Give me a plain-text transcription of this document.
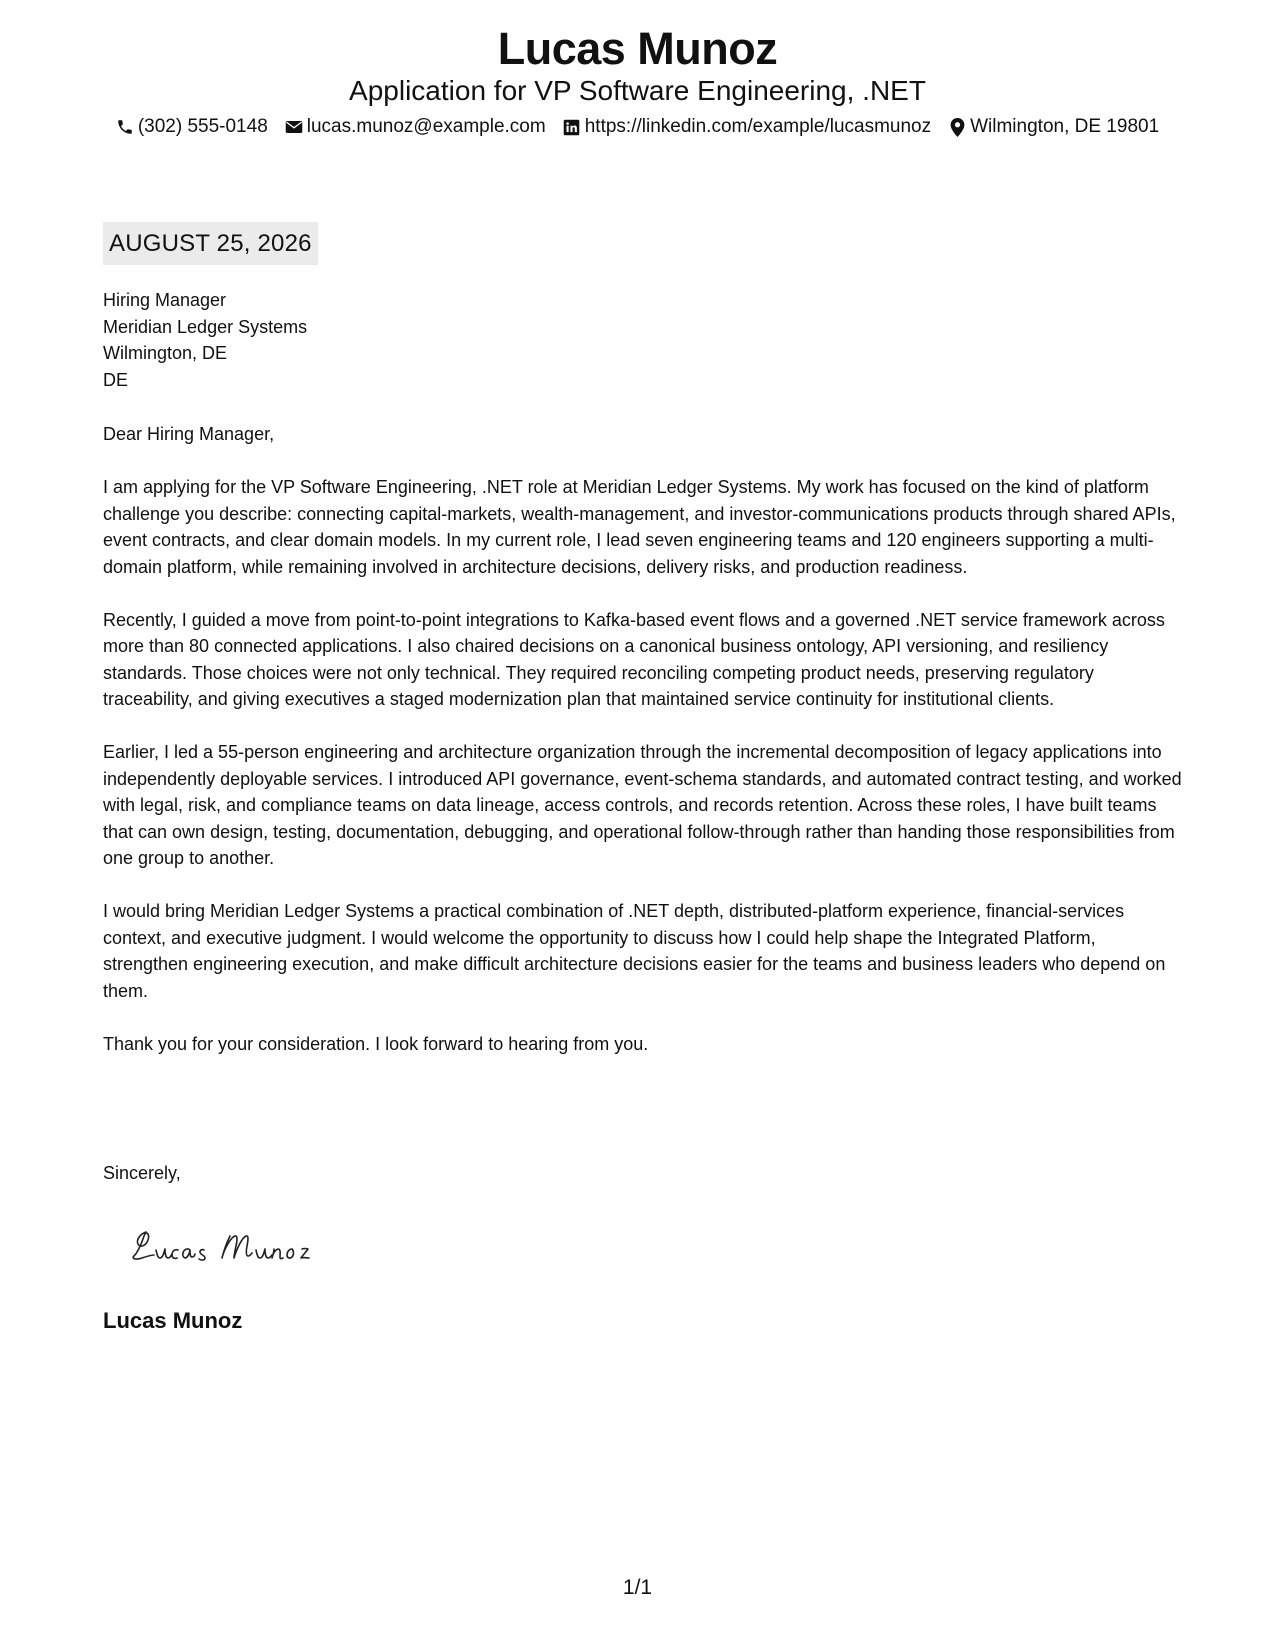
Lucas Munoz
Application for VP Software Engineering, .NET
(302) 555-0148 lucas.munoz@example.com https://linkedin.com/example/lucasmunoz Wilmington, DE 19801
AUGUST 25, 2026
Hiring Manager
Meridian Ledger Systems
Wilmington, DE
DE

Dear Hiring Manager,

I am applying for the VP Software Engineering, .NET role at Meridian Ledger Systems. My work has focused on the kind of platform challenge you describe: connecting capital-markets, wealth-management, and investor-communications products through shared APIs, event contracts, and clear domain models. In my current role, I lead seven engineering teams and 120 engineers supporting a multi-domain platform, while remaining involved in architecture decisions, delivery risks, and production readiness.

Recently, I guided a move from point-to-point integrations to Kafka-based event flows and a governed .NET service framework across more than 80 connected applications. I also chaired decisions on a canonical business ontology, API versioning, and resiliency standards. Those choices were not only technical. They required reconciling competing product needs, preserving regulatory traceability, and giving executives a staged modernization plan that maintained service continuity for institutional clients.

Earlier, I led a 55-person engineering and architecture organization through the incremental decomposition of legacy applications into independently deployable services. I introduced API governance, event-schema standards, and automated contract testing, and worked with legal, risk, and compliance teams on data lineage, access controls, and records retention. Across these roles, I have built teams that can own design, testing, documentation, debugging, and operational follow-through rather than handing those responsibilities from one group to another.

I would bring Meridian Ledger Systems a practical combination of .NET depth, distributed-platform experience, financial-services context, and executive judgment. I would welcome the opportunity to discuss how I could help shape the Integrated Platform, strengthen engineering execution, and make difficult architecture decisions easier for the teams and business leaders who depend on them.

Thank you for your consideration. I look forward to hearing from you.

Sincerely,
Lucas Munoz
1/1
